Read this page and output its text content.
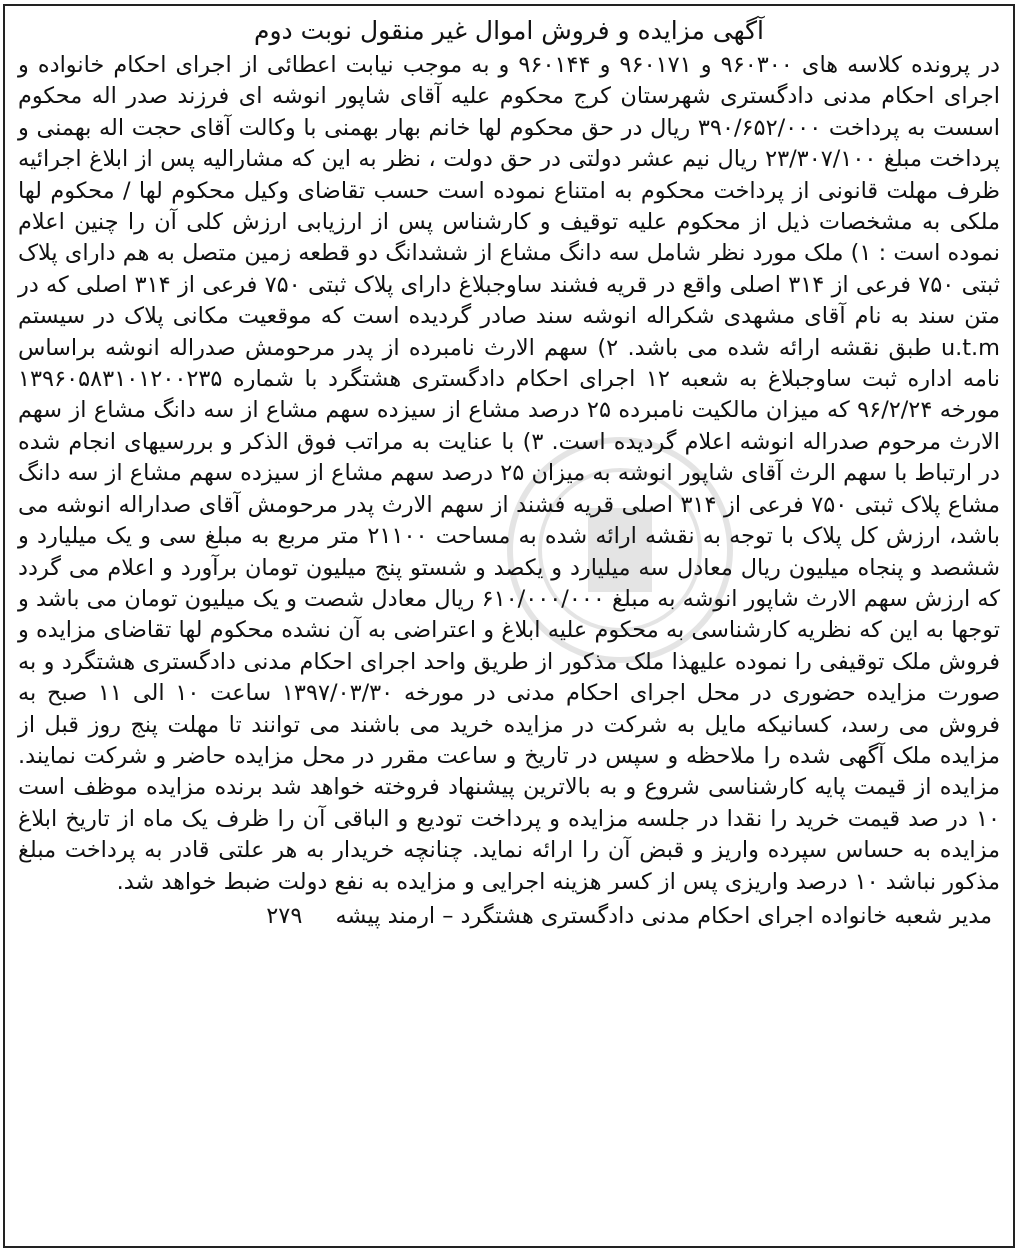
آگهی مزایده و فروش اموال غیر منقول نوبت دوم

در پرونده کلاسه های ۹۶۰۳۰۰ و ۹۶۰۱۷۱ و ۹۶۰۱۴۴ و به موجب نیابت اعطائی از اجرای احکام خانواده و اجرای احکام مدنی دادگستری شهرستان کرج محکوم علیه آقای شاپور انوشه ای فرزند صدر اله محکوم اسست به پرداخت ۳۹۰/۶۵۲/۰۰۰ ریال در حق محکوم لها خانم بهار بهمنی با وکالت آقای حجت اله بهمنی و پرداخت مبلغ ۲۳/۳۰۷/۱۰۰ ریال نیم عشر دولتی در حق دولت ، نظر به این که مشارالیه پس از ابلاغ اجرائیه ظرف مهلت قانونی از پرداخت محکوم به امتناع نموده است حسب تقاضای وکیل محکوم لها / محکوم لها ملکی به مشخصات ذیل از محکوم علیه توقیف و کارشناس پس از ارزیابی ارزش کلی آن را چنین اعلام نموده است : ۱) ملک مورد نظر شامل سه دانگ مشاع از ششدانگ دو قطعه زمین متصل به هم دارای پلاک ثبتی ۷۵۰ فرعی از ۳۱۴ اصلی واقع در قریه فشند ساوجبلاغ دارای پلاک ثبتی ۷۵۰ فرعی از ۳۱۴ اصلی که در متن سند به نام آقای مشهدی شکراله انوشه سند صادر گردیده است که موقعیت مکانی پلاک در سیستم u.t.m طبق نقشه ارائه شده می باشد. ۲) سهم الارث نامبرده از پدر مرحومش صدراله انوشه براساس نامه اداره ثبت ساوجبلاغ به شعبه ۱۲ اجرای احکام دادگستری هشتگرد با شماره ۱۳۹۶۰۵۸۳۱۰۱۲۰۰۲۳۵ مورخه ۹۶/۲/۲۴ که میزان مالکیت نامبرده ۲۵ درصد مشاع از سیزده سهم مشاع از سه دانگ مشاع از سهم الارث مرحوم صدراله انوشه اعلام گردیده است. ۳) با عنایت به مراتب فوق الذکر و بررسیهای انجام شده در ارتباط با سهم الرث آقای شاپور انوشه به میزان ۲۵ درصد سهم مشاع از سیزده سهم مشاع از سه دانگ مشاع پلاک ثبتی ۷۵۰ فرعی از ۳۱۴ اصلی قریه فشند از سهم الارث پدر مرحومش آقای صداراله انوشه می باشد، ارزش کل پلاک با توجه به نقشه ارائه شده به مساحت ۲۱۱۰۰ متر مربع به مبلغ سی و یک میلیارد و ششصد و پنجاه میلیون ریال معادل سه میلیارد و یکصد و شستو پنج میلیون تومان برآورد و اعلام می گردد که ارزش سهم الارث شاپور انوشه به مبلغ ۶۱۰/۰۰۰/۰۰۰ ریال معادل شصت و یک میلیون تومان می باشد و توجها به این که نظریه کارشناسی به محکوم علیه ابلاغ و اعتراضی به آن نشده محکوم لها تقاضای مزایده و فروش ملک توقیفی را نموده علیهذا ملک مذکور از طریق واحد اجرای احکام مدنی دادگستری هشتگرد و به صورت مزایده حضوری در محل اجرای احکام مدنی در مورخه ۱۳۹۷/۰۳/۳۰ ساعت ۱۰ الی ۱۱ صبح به فروش می رسد، کسانیکه مایل به شرکت در مزایده خرید می باشند می توانند تا مهلت پنج روز قبل از مزایده ملک آگهی شده را ملاحظه و سپس در تاریخ و ساعت مقرر در محل مزایده حاضر و شرکت نمایند. مزایده از قیمت پایه کارشناسی شروع و به بالاترین پیشنهاد فروخته خواهد شد برنده مزایده موظف است ۱۰ در صد قیمت خرید را نقدا در جلسه مزایده و پرداخت تودیع و الباقی آن را ظرف یک ماه از تاریخ ابلاغ مزایده به حساس سپرده واریز و قبض آن را ارائه نماید. چنانچه خریدار به هر علتی قادر به پرداخت مبلغ مذکور نباشد ۱۰ درصد واریزی پس از کسر هزینه اجرایی و مزایده به نفع دولت ضبط خواهد شد.

مدیر شعبه خانواده اجرای احکام مدنی دادگستری هشتگرد – ارمند پیشه ۲۷۹
